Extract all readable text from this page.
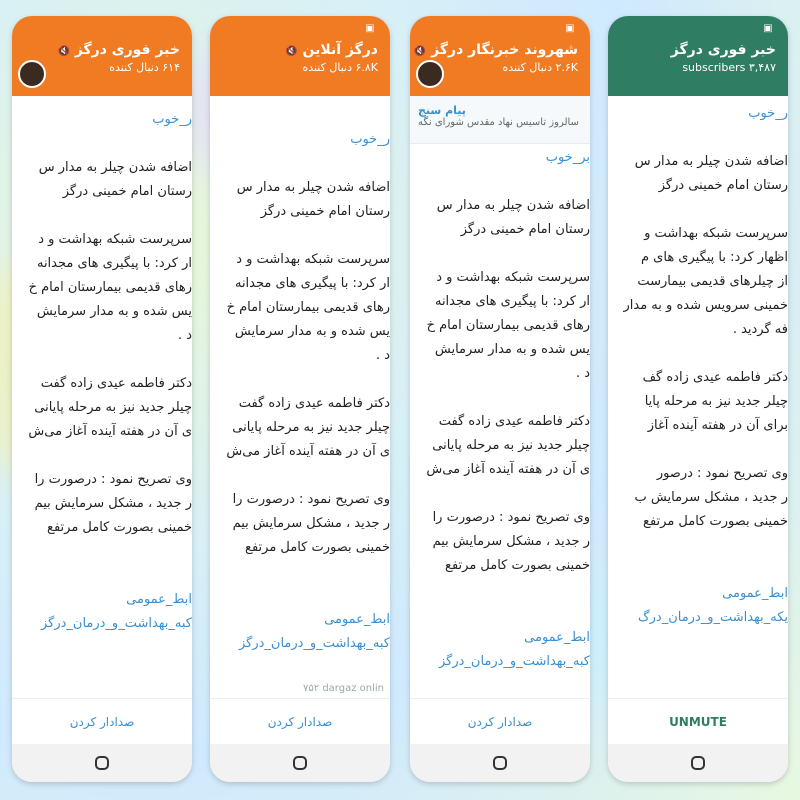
خبر فوری درگز 🔇
۶۱۴ دنبال کننده
ر_خوب
اضافه شدن چیلر به مدار س
رستان امام خمینی درگز
سرپرست شبکه بهداشت و د
ار کرد: با پیگیری های مجدانه
رهای قدیمی بیمارستان امام خ
یس شده و به مدار سرمایش
د .
دکتر فاطمه عیدی زاده گفت
چیلر جدید نیز به مرحله پایانی
ی آن در هفته آینده آغاز می‌ش
وی تصریح نمود : درصورت را
ر جدید ، مشکل سرمایش بیم
خمینی بصورت کامل مرتفع
ابط_عمومی
کبه_بهداشت_و_درمان_درگز
صدادار کردن
▣
درگز آنلاین 🔇
۶.۸K دنبال کننده
ر_خوب
اضافه شدن چیلر به مدار س
رستان امام خمینی درگز
سرپرست شبکه بهداشت و د
ار کرد: با پیگیری های مجدانه
رهای قدیمی بیمارستان امام خ
یس شده و به مدار سرمایش
د .
دکتر فاطمه عیدی زاده گفت
چیلر جدید نیز به مرحله پایانی
ی آن در هفته آینده آغاز می‌ش
وی تصریح نمود : درصورت را
ر جدید ، مشکل سرمایش بیم
خمینی بصورت کامل مرتفع
ابط_عمومی
کبه_بهداشت_و_درمان_درگز
۷۵۲ dargaz onlin
صدادار کردن
▣
شهروند خبرنگار درگز 🔇
۲.۶K دنبال کننده
پیام سنج
سالروز تاسیس نهاد مقدس شورای نگه
بر_خوب
اضافه شدن چیلر به مدار س
رستان امام خمینی درگز
سرپرست شبکه بهداشت و د
ار کرد: با پیگیری های مجدانه
رهای قدیمی بیمارستان امام خ
یس شده و به مدار سرمایش
د .
دکتر فاطمه عیدی زاده گفت
چیلر جدید نیز به مرحله پایانی
ی آن در هفته آینده آغاز می‌ش
وی تصریح نمود : درصورت را
ر جدید ، مشکل سرمایش بیم
خمینی بصورت کامل مرتفع
ابط_عمومی
کبه_بهداشت_و_درمان_درگز
صدادار کردن
▣
خبر فوری درگز
۳,۴۸۷ subscribers
ر_خوب
اضافه شدن چیلر به مدار س
رستان امام خمینی درگز
سرپرست شبکه بهداشت و
اظهار کرد: با پیگیری های م
از چیلرهای قدیمی بیمارست
خمینی سرویس شده و به مدار
فه گردید .
دکتر فاطمه عیدی زاده گف
چیلر جدید نیز به مرحله پایا
برای آن در هفته آینده آغاز
وی تصریح نمود : درصور
ر جدید ، مشکل سرمایش ب
خمینی بصورت کامل مرتفع
ابط_عمومی
یکه_بهداشت_و_درمان_درگ
UNMUTE
